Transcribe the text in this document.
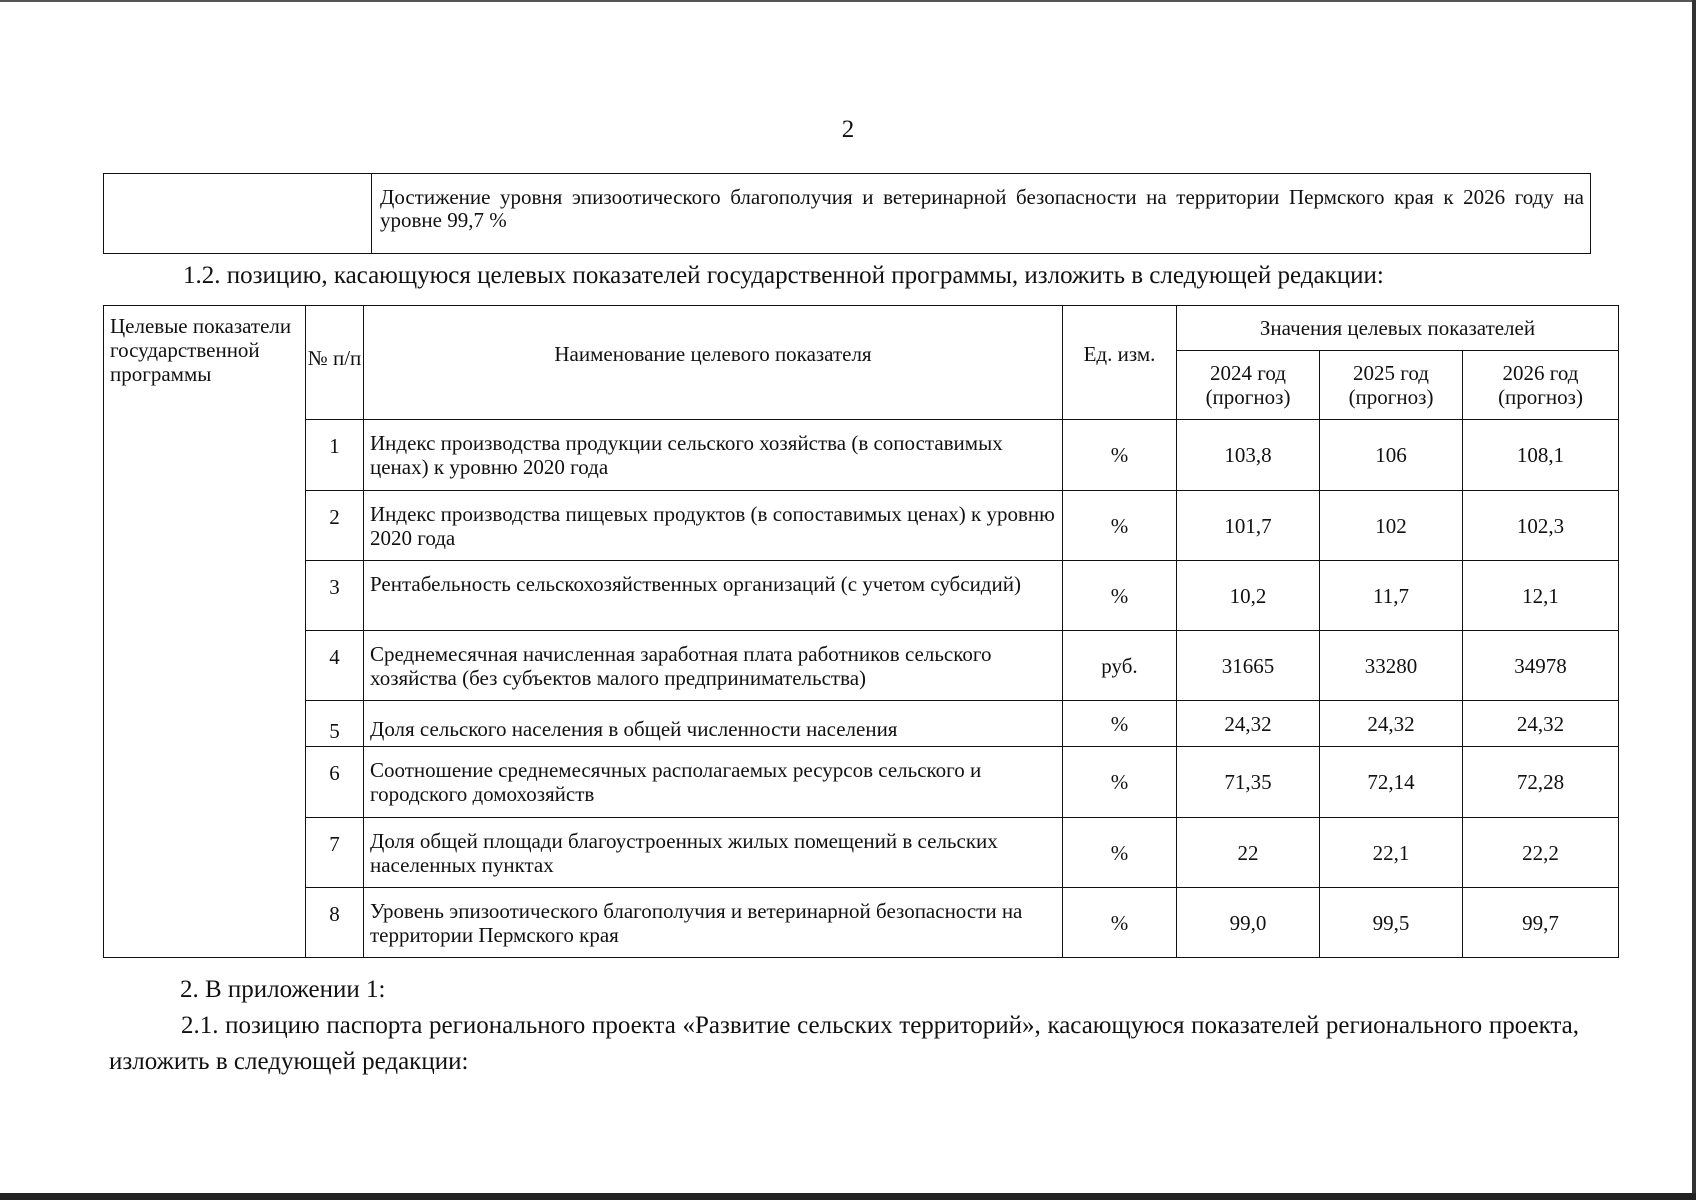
2
	Достижение уровня эпизоотического благополучия и ветеринарной безопасности на территории Пермского края к 2026 году на уровне 99,7 %
1.2. позицию, касающуюся целевых показателей государственной программы, изложить в следующей редакции:
Целевые показатели государственной программы	№ п/п	Наименование целевого показателя	Ед. изм.	Значения целевых показателей		
				2024 год (прогноз)	2025 год (прогноз)	2026 год (прогноз)
	1	Индекс производства продукции сельского хозяйства (в сопоставимых ценах) к уровню 2020 года	%	103,8	106	108,1
	2	Индекс производства пищевых продуктов (в сопоставимых ценах) к уровню 2020 года	%	101,7	102	102,3
	3	Рентабельность сельскохозяйственных организаций (с учетом субсидий)	%	10,2	11,7	12,1
	4	Среднемесячная начисленная заработная плата работников сельского хозяйства (без субъектов малого предпринимательства)	руб.	31665	33280	34978
	5	Доля сельского населения в общей численности населения	%	24,32	24,32	24,32
	6	Соотношение среднемесячных располагаемых ресурсов сельского и городского домохозяйств	%	71,35	72,14	72,28
	7	Доля общей площади благоустроенных жилых помещений в сельских населенных пунктах	%	22	22,1	22,2
	8	Уровень эпизоотического благополучия и ветеринарной безопасности на территории Пермского края	%	99,0	99,5	99,7
2. В приложении 1:
2.1. позицию паспорта регионального проекта «Развитие сельских территорий», касающуюся показателей регионального проекта, изложить в следующей редакции:
